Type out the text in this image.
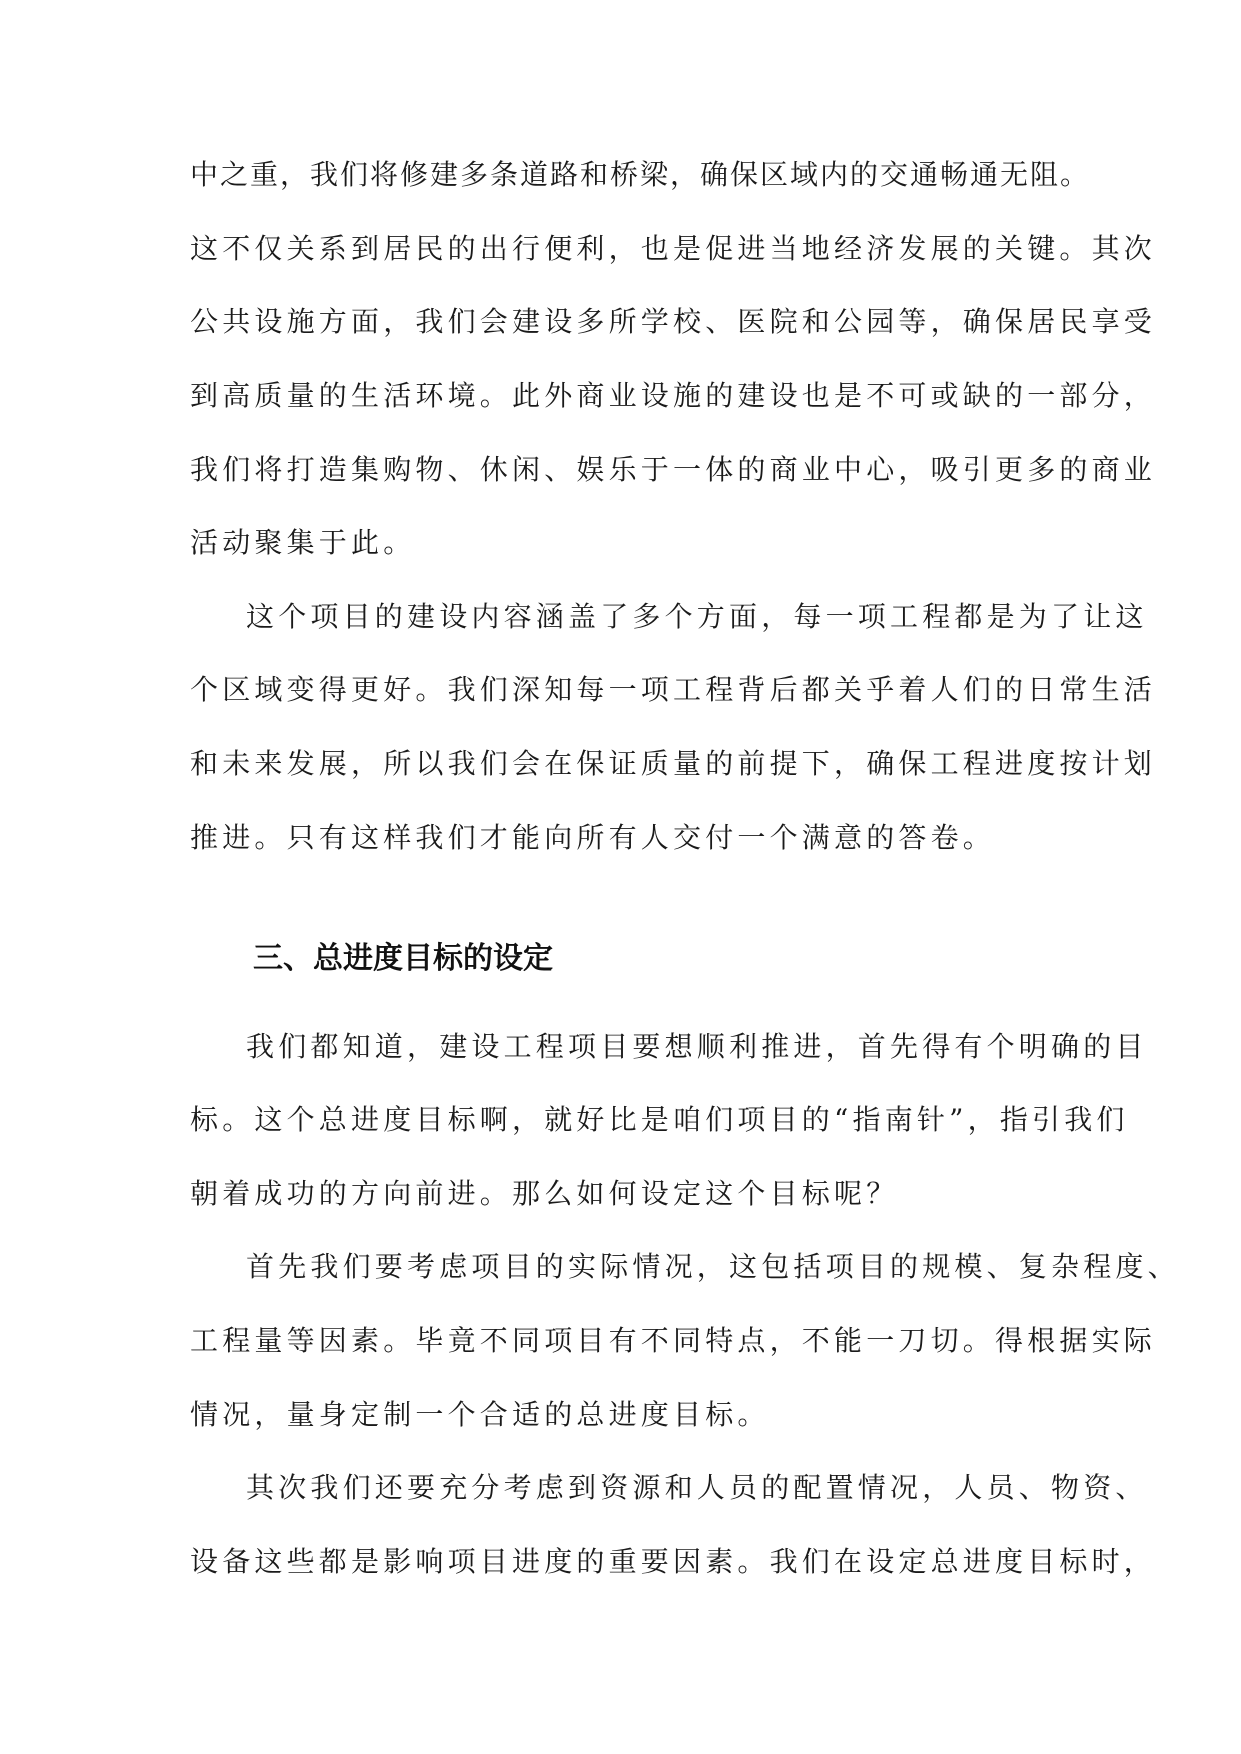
中之重，我们将修建多条道路和桥梁，确保区域内的交通畅通无阻。
这不仅关系到居民的出行便利，也是促进当地经济发展的关键。其次
公共设施方面，我们会建设多所学校、医院和公园等，确保居民享受
到高质量的生活环境。此外商业设施的建设也是不可或缺的一部分，
我们将打造集购物、休闲、娱乐于一体的商业中心，吸引更多的商业
活动聚集于此。
这个项目的建设内容涵盖了多个方面，每一项工程都是为了让这
个区域变得更好。我们深知每一项工程背后都关乎着人们的日常生活
和未来发展，所以我们会在保证质量的前提下，确保工程进度按计划
推进。只有这样我们才能向所有人交付一个满意的答卷。
三、总进度目标的设定
我们都知道，建设工程项目要想顺利推进，首先得有个明确的目
标。这个总进度目标啊，就好比是咱们项目的“指南针”，指引我们
朝着成功的方向前进。那么如何设定这个目标呢？
首先我们要考虑项目的实际情况，这包括项目的规模、复杂程度、
工程量等因素。毕竟不同项目有不同特点，不能一刀切。得根据实际
情况，量身定制一个合适的总进度目标。
其次我们还要充分考虑到资源和人员的配置情况，人员、物资、
设备这些都是影响项目进度的重要因素。我们在设定总进度目标时，
